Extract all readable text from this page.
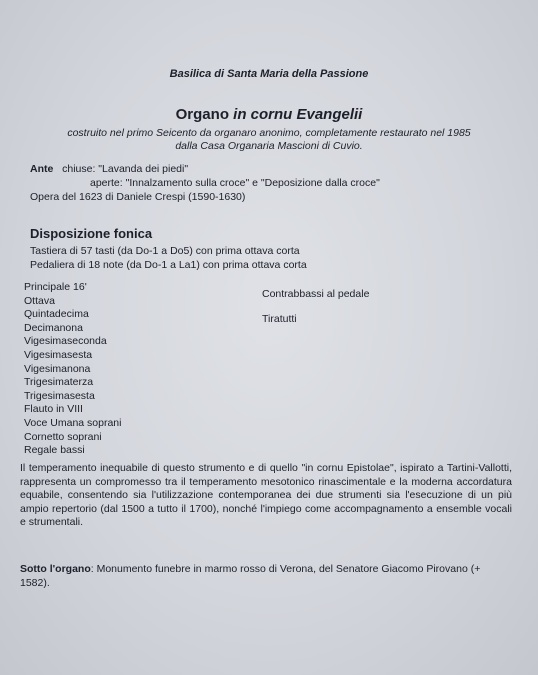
Basilica di Santa Maria della Passione
Organo in cornu Evangelii
costruito nel primo Seicento da organaro anonimo, completamente restaurato nel 1985
dalla Casa Organaria Mascioni di Cuvio.
Ante chiuse: "Lavanda dei piedi"
aperte: "Innalzamento sulla croce" e "Deposizione dalla croce"
Opera del 1623 di Daniele Crespi (1590-1630)
Disposizione fonica
Tastiera di 57 tasti (da Do-1 a Do5) con prima ottava corta
Pedaliera di 18 note (da Do-1 a La1) con prima ottava corta
Principale 16'
Ottava
Quintadecima
Decimanona
Vigesimaseconda
Vigesimasesta
Vigesimanona
Trigesimaterza
Trigesimasesta
Flauto in VIII
Voce Umana soprani
Cornetto soprani
Regale bassi
Contrabbassi al pedale
Tiratutti
Il temperamento inequabile di questo strumento e di quello "in cornu Epistolae", ispirato a Tartini-Vallotti, rappresenta un compromesso tra il temperamento mesotonico rinascimentale e la moderna accordatura equabile, consentendo sia l'utilizzazione contemporanea dei due strumenti sia l'esecuzione di un più ampio repertorio (dal 1500 a tutto il 1700), nonché l'impiego come accompagnamento a ensemble vocali e strumentali.
Sotto l'organo: Monumento funebre in marmo rosso di Verona, del Senatore Giacomo Pirovano (+ 1582).
